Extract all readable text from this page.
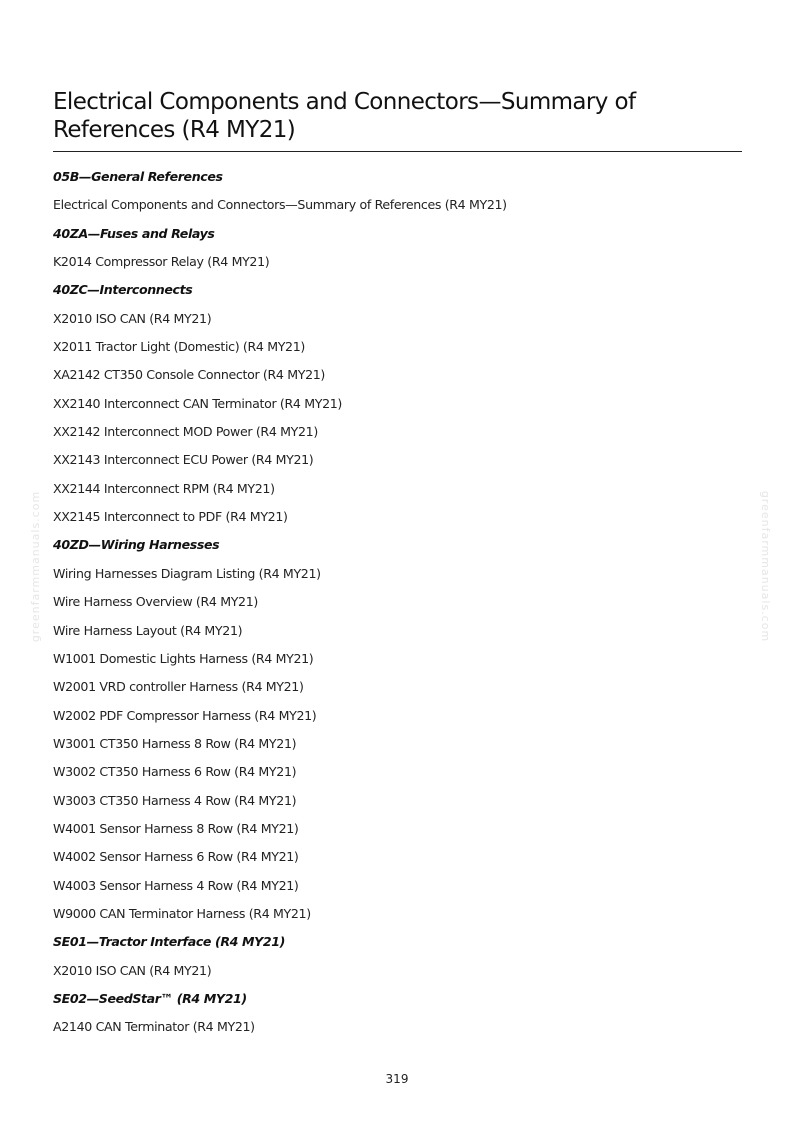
Electrical Components and Connectors—Summary of References (R4 MY21)
05B—General References
Electrical Components and Connectors—Summary of References (R4 MY21)
40ZA—Fuses and Relays
K2014 Compressor Relay (R4 MY21)
40ZC—Interconnects
X2010 ISO CAN (R4 MY21)
X2011 Tractor Light (Domestic) (R4 MY21)
XA2142 CT350 Console Connector (R4 MY21)
XX2140 Interconnect CAN Terminator (R4 MY21)
XX2142 Interconnect MOD Power (R4 MY21)
XX2143 Interconnect ECU Power (R4 MY21)
XX2144 Interconnect RPM (R4 MY21)
XX2145 Interconnect to PDF (R4 MY21)
40ZD—Wiring Harnesses
Wiring Harnesses Diagram Listing (R4 MY21)
Wire Harness Overview (R4 MY21)
Wire Harness Layout (R4 MY21)
W1001 Domestic Lights Harness (R4 MY21)
W2001 VRD controller Harness (R4 MY21)
W2002 PDF Compressor Harness (R4 MY21)
W3001 CT350 Harness 8 Row (R4 MY21)
W3002 CT350 Harness 6 Row (R4 MY21)
W3003 CT350 Harness 4 Row (R4 MY21)
W4001 Sensor Harness 8 Row (R4 MY21)
W4002 Sensor Harness 6 Row (R4 MY21)
W4003 Sensor Harness 4 Row (R4 MY21)
W9000 CAN Terminator Harness (R4 MY21)
SE01—Tractor Interface (R4 MY21)
X2010 ISO CAN (R4 MY21)
SE02—SeedStar™ (R4 MY21)
A2140 CAN Terminator (R4 MY21)
319
greenfarmmanuals.com	greenfarmmanuals.com
